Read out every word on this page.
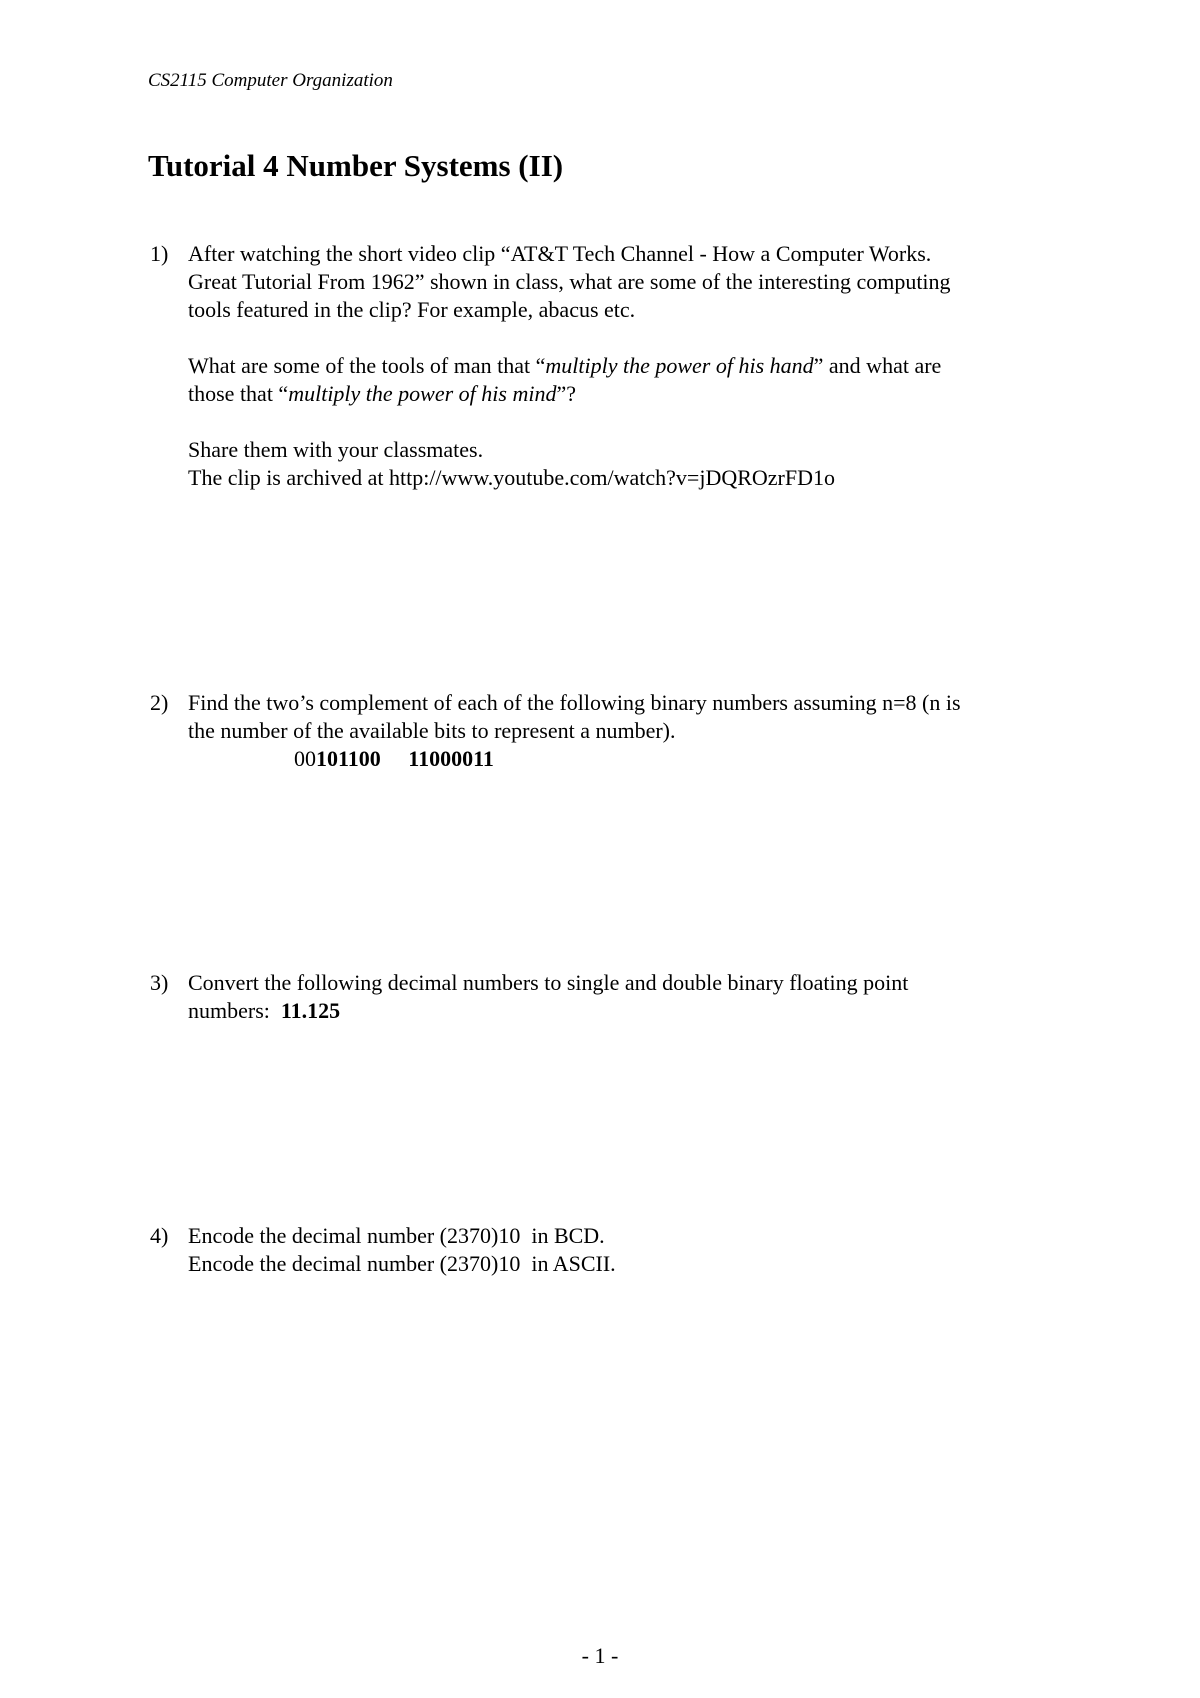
CS2115 Computer Organization
Tutorial 4 Number Systems (II)
1) After watching the short video clip “AT&T Tech Channel - How a Computer Works.
Great Tutorial From 1962” shown in class, what are some of the interesting computing
tools featured in the clip? For example, abacus etc.
What are some of the tools of man that “multiply the power of his hand” and what are
those that “multiply the power of his mind”?
Share them with your classmates.
The clip is archived at http://www.youtube.com/watch?v=jDQROzrFD1o
2) Find the two’s complement of each of the following binary numbers assuming n=8 (n is
the number of the available bits to represent a number).
00101100 11000011
3) Convert the following decimal numbers to single and double binary floating point
numbers:  11.125
4) Encode the decimal number (2370)10  in BCD.
Encode the decimal number (2370)10  in ASCII.
- 1 -
